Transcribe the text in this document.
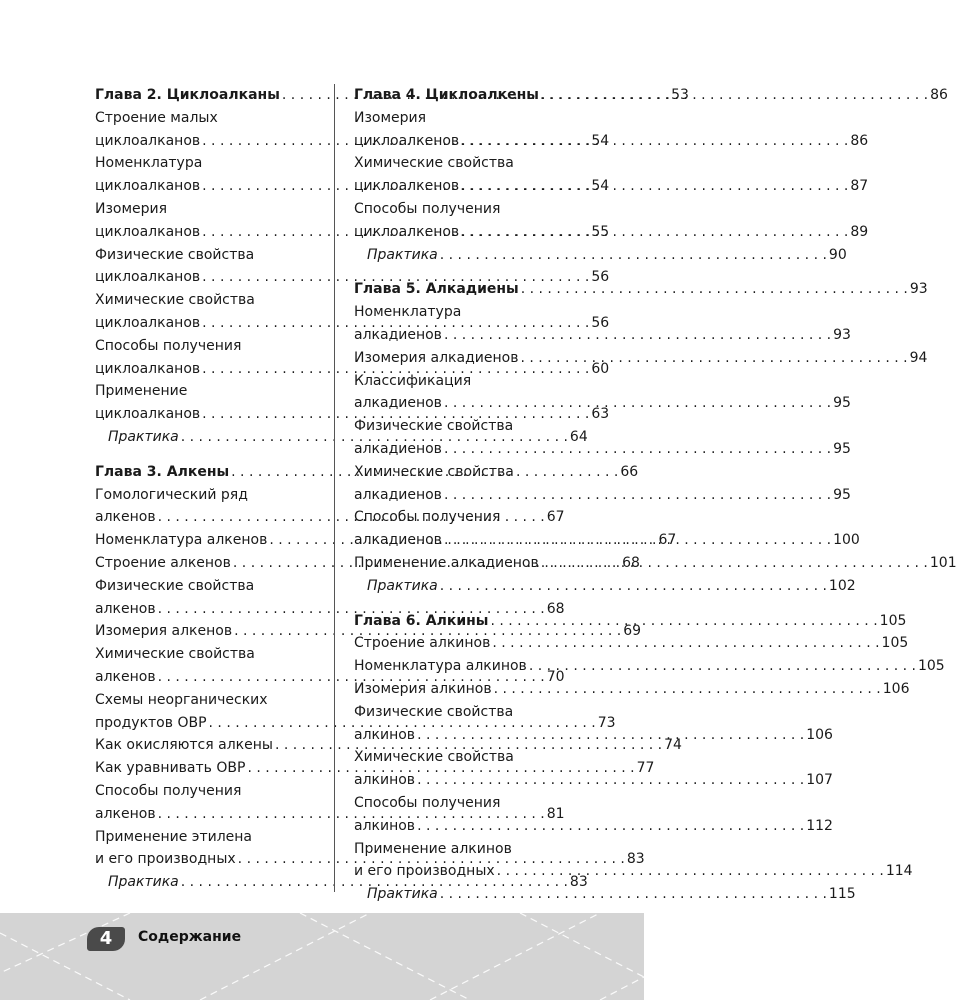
Глава 2. Циклоалканы . . .	53
Строение малых
циклоалканов . . .	54
Номенклатура
циклоалканов . . .	54
Изомерия
циклоалканов . . .	55
Физические свойства
циклоалканов . . .	56
Химические свойства
циклоалканов . . .	56
Способы получения
циклоалканов . . .	60
Применение
циклоалканов . . .	63
Практика . . .	64
Глава 3. Алкены . . .	66
Гомологический ряд
алкенов . . .	67
Номенклатура алкенов . . .	67
Строение алкенов . . .	68
Физические свойства
алкенов . . .	68
Изомерия алкенов . . .	69
Химические свойства
алкенов . . .	70
Схемы неорганических
продуктов ОВР . . .	73
Как окисляются алкены . . .	74
Как уравнивать ОВР . . .	77
Способы получения
алкенов . . .	81
Применение этилена
и его производных . . .	83
Практика . . .	83
Глава 4. Циклоалкены . . .	86
Изомерия
циклоалкенов . . .	86
Химические свойства
циклоалкенов . . .	87
Способы получения
циклоалкенов . . .	89
Практика . . .	90
Глава 5. Алкадиены . . .	93
Номенклатура
алкадиенов . . .	93
Изомерия алкадиенов . . .	94
Классификация
алкадиенов . . .	95
Физические свойства
алкадиенов . . .	95
Химические свойства
алкадиенов . . .	95
Способы получения
алкадиенов . . .	100
Применение алкадиенов . . .	101
Практика . . .	102
Глава 6. Алкины . . .	105
Строение алкинов . . .	105
Номенклатура алкинов . . .	105
Изомерия алкинов . . .	106
Физические свойства
алкинов . . .	106
Химические свойства
алкинов . . .	107
Способы получения
алкинов . . .	112
Применение алкинов
и его производных . . .	114
Практика . . .	115
4	Содержание
